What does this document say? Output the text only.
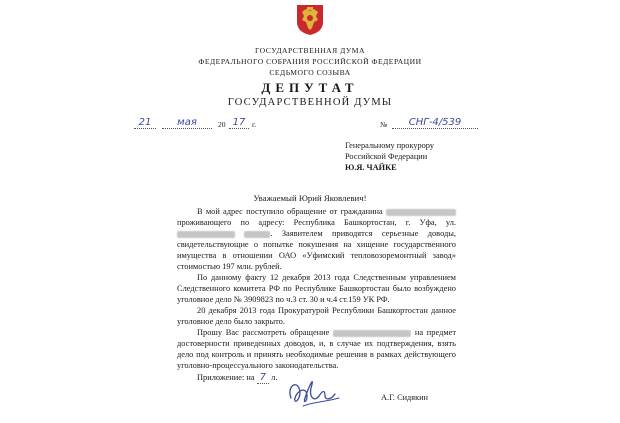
ГОСУДАРСТВЕННАЯ ДУМА
ФЕДЕРАЛЬНОГО СОБРАНИЯ РОССИЙСКОЙ ФЕДЕРАЦИИ
СЕДЬМОГО СОЗЫВА
ДЕПУТАТ
ГОСУДАРСТВЕННОЙ ДУМЫ
21	мая	20 17 г.	№	СНГ-4/539
Генеральному прокурору
Российской Федерации
Ю.Я. ЧАЙКЕ
Уважаемый Юрий Яковлевич!
В мой адрес поступило обращение от гражданина  проживающего по адресу: Республика Башкортостан, г. Уфа, ул.  . Заявителем приводятся серьезные доводы, свидетельствующие о попытке покушения на хищение государственного имущества в отношении ОАО «Уфимский тепловозоремонтный завод» стоимостью 197 млн. рублей.
По данному факту 12 декабря 2013 года Следственным управлением Следственного комитета РФ по Республике Башкортостан было возбуждено уголовное дело № 3909823 по ч.3 ст. 30 и ч.4 ст.159 УК РФ.
20 декабря 2013 года Прокуратурой Республики Башкортостан данное уголовное дело было закрыто.
Прошу Вас рассмотреть обращение	на предмет достоверности приведенных доводов, и, в случае их подтверждения, взять дело под контроль и принять необходимые решения в рамках действующего уголовно-процессуального законодательства.
Приложение: на 7 л.
А.Г. Сидякин
